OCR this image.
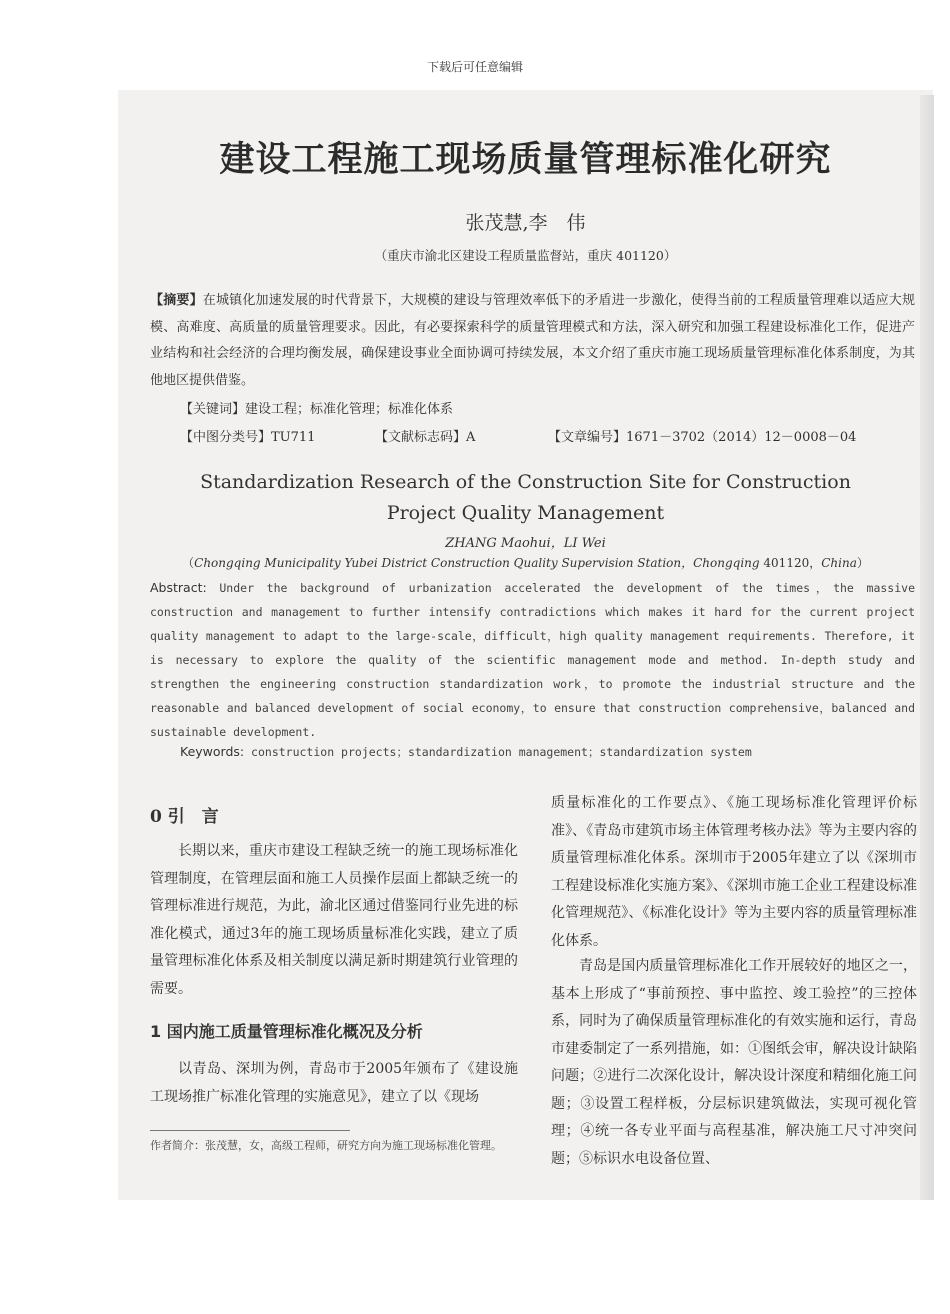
下载后可任意编辑
建设工程施工现场质量管理标准化研究
张茂慧,李　伟
（重庆市渝北区建设工程质量监督站，重庆 401120）
【摘要】在城镇化加速发展的时代背景下，大规模的建设与管理效率低下的矛盾进一步激化，使得当前的工程质量管理难以适应大规模、高难度、高质量的质量管理要求。因此，有必要探索科学的质量管理模式和方法，深入研究和加强工程建设标准化工作，促进产业结构和社会经济的合理均衡发展，确保建设事业全面协调可持续发展，本文介绍了重庆市施工现场质量管理标准化体系制度，为其他地区提供借鉴。
【关键词】建设工程；标准化管理；标准化体系
【中图分类号】TU711	【文献标志码】A	【文章编号】1671－3702（2014）12－0008－04
Standardization Research of the Construction Site for Construction
Project Quality Management
ZHANG Maohui，LI Wei
（Chongqing Municipality Yubei District Construction Quality Supervision Station，Chongqing 401120，China）
Abstract: Under the background of urbanization accelerated the development of the times，the massive construction and management to further intensify contradictions which makes it hard for the current project quality management to adapt to the large-scale，difficult，high quality management requirements. Therefore, it is necessary to explore the quality of the scientific management mode and method. In-depth study and strengthen the engineering construction standardization work，to promote the industrial structure and the reasonable and balanced development of social economy，to ensure that construction comprehensive，balanced and sustainable development.
Keywords: construction projects；standardization management；standardization system
0 引　言
长期以来，重庆市建设工程缺乏统一的施工现场标准化管理制度，在管理层面和施工人员操作层面上都缺乏统一的管理标准进行规范，为此，渝北区通过借鉴同行业先进的标准化模式，通过3年的施工现场质量标准化实践，建立了质量管理标准化体系及相关制度以满足新时期建筑行业管理的需要。
1 国内施工质量管理标准化概况及分析
以青岛、深圳为例，青岛市于2005年颁布了《建设施工现场推广标准化管理的实施意见》，建立了以《现场
质量标准化的工作要点》、《施工现场标准化管理评价标准》、《青岛市建筑市场主体管理考核办法》等为主要内容的质量管理标准化体系。深圳市于2005年建立了以《深圳市工程建设标准化实施方案》、《深圳市施工企业工程建设标准化管理规范》、《标准化设计》等为主要内容的质量管理标准化体系。
青岛是国内质量管理标准化工作开展较好的地区之一，基本上形成了“事前预控、事中监控、竣工验控”的三控体系，同时为了确保质量管理标准化的有效实施和运行，青岛市建委制定了一系列措施，如：①图纸会审，解决设计缺陷问题；②进行二次深化设计，解决设计深度和精细化施工问题；③设置工程样板，分层标识建筑做法，实现可视化管理；④统一各专业平面与高程基准，解决施工尺寸冲突问题；⑤标识水电设备位置、
作者简介：张茂慧，女，高级工程师，研究方向为施工现场标准化管理。
